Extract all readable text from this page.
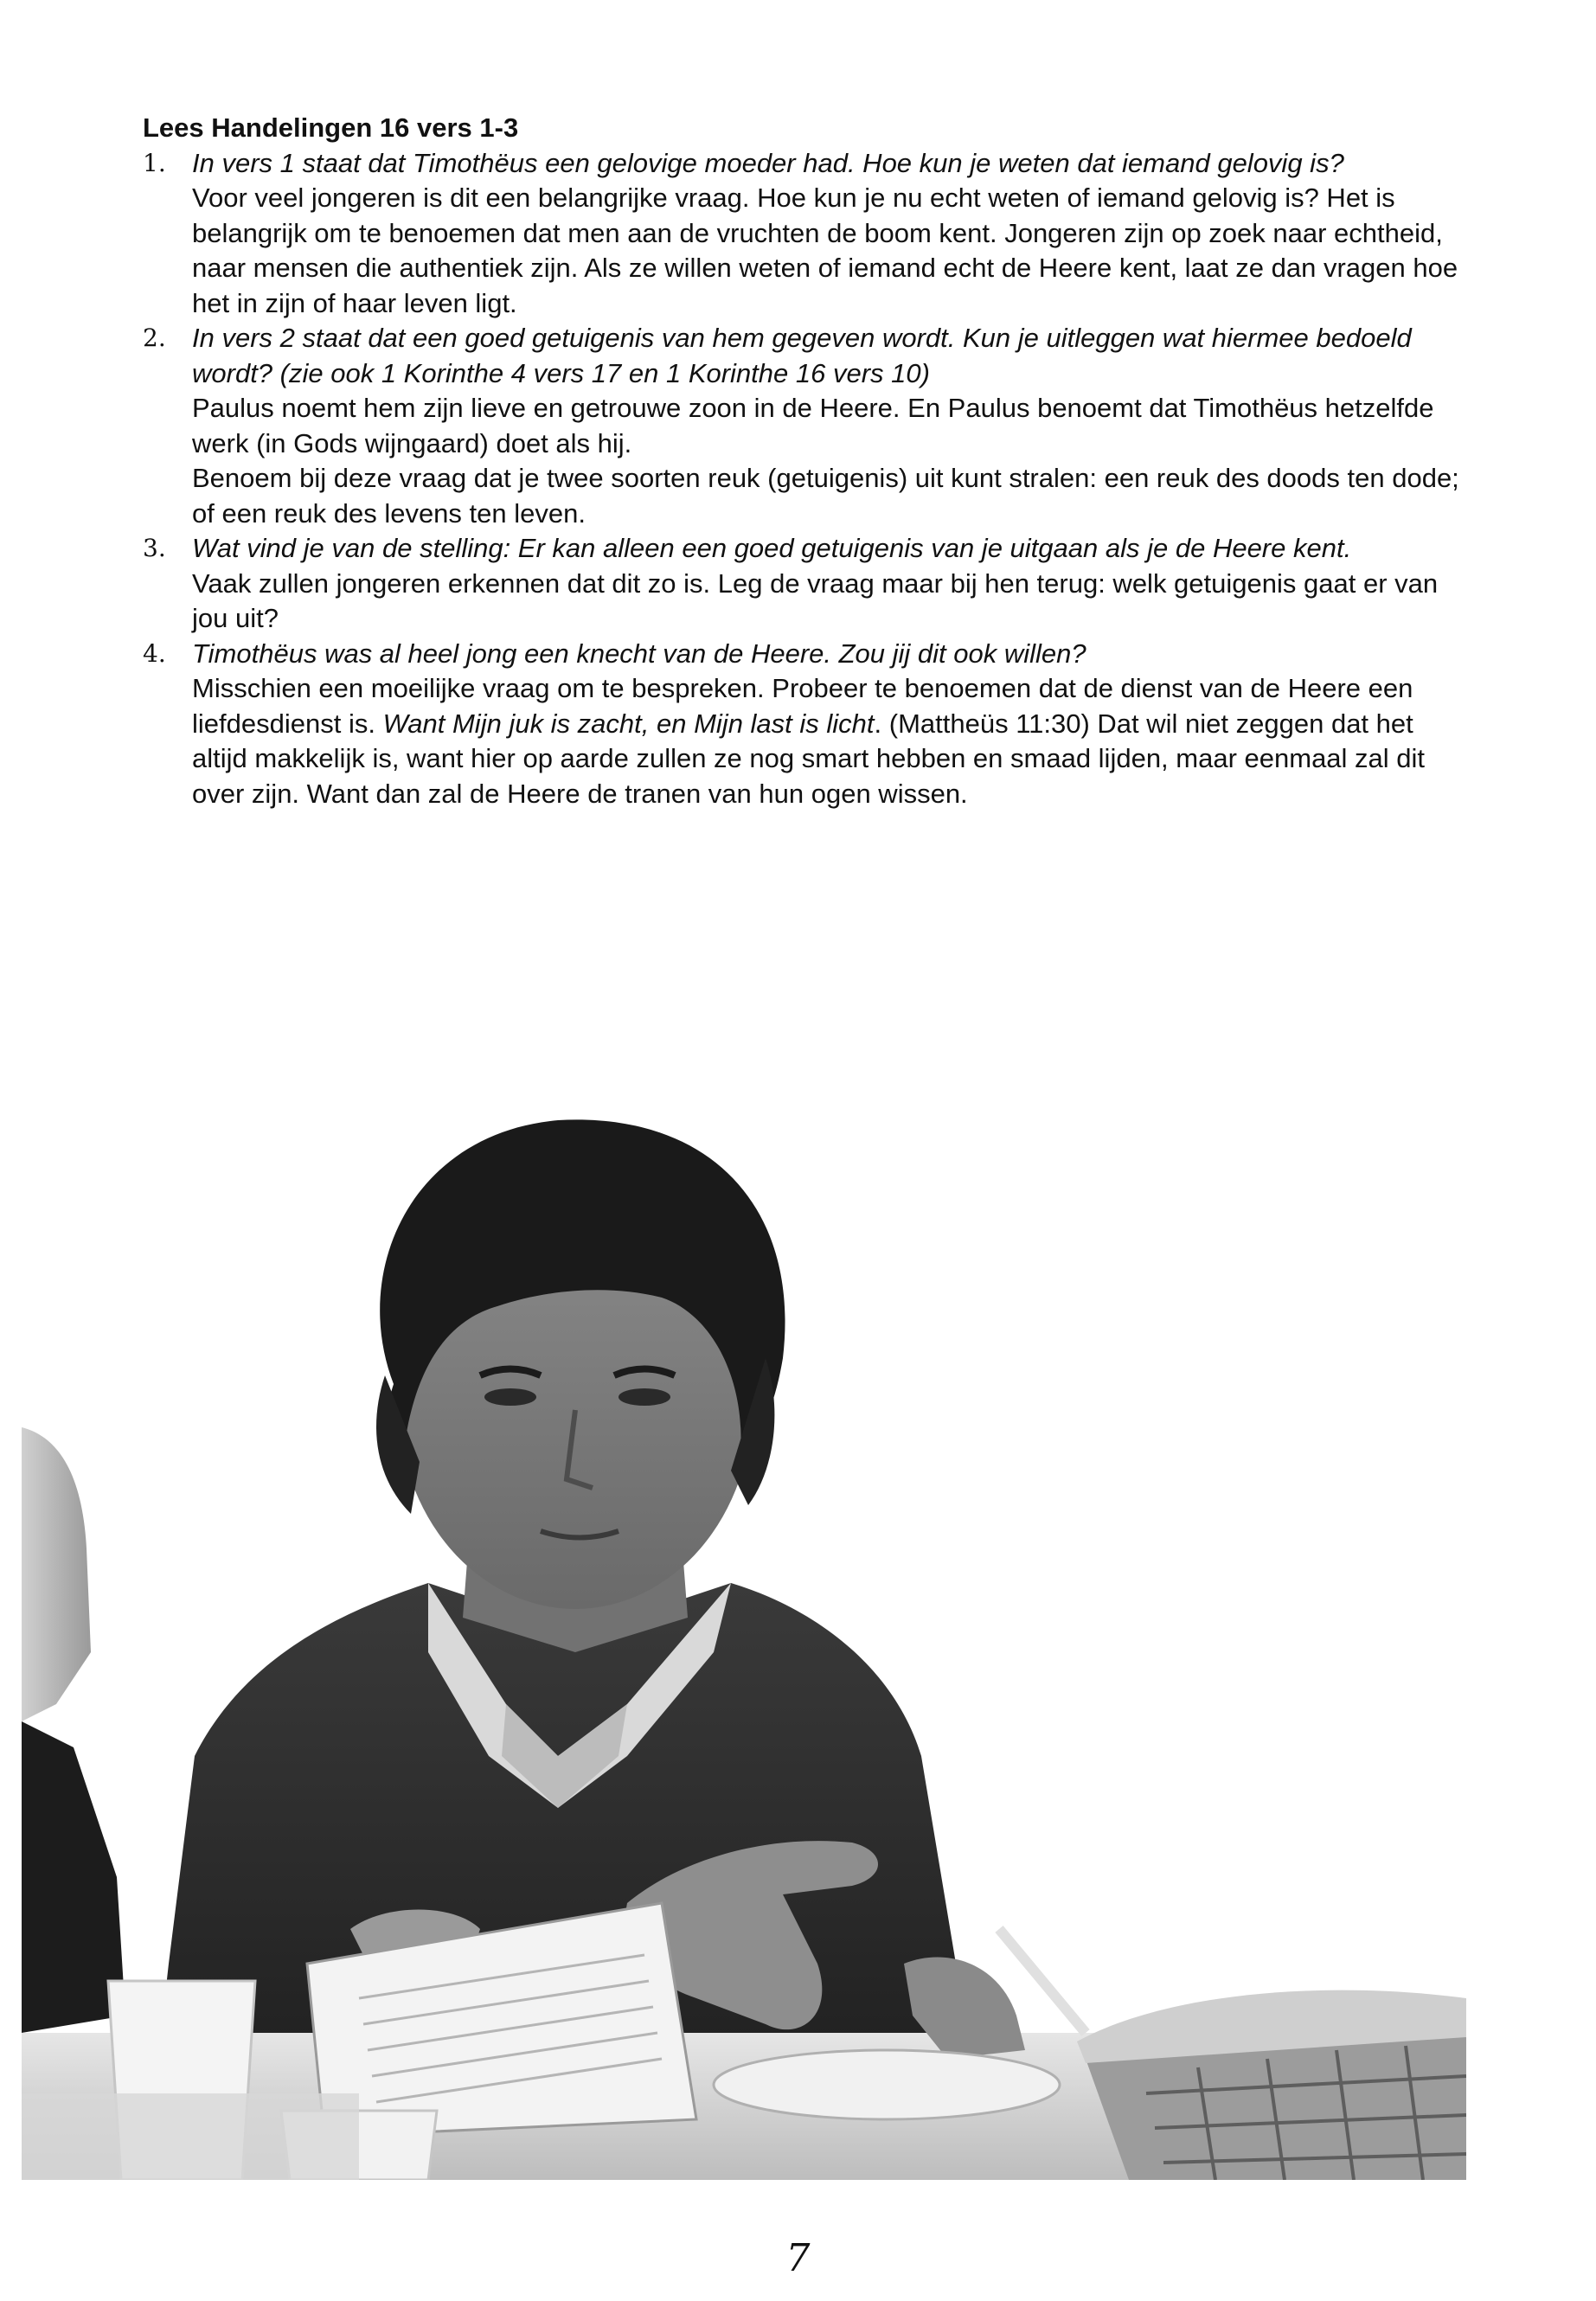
Lees Handelingen 16 vers 1-3
1. In vers 1 staat dat Timothëus een gelovige moeder had. Hoe kun je weten dat iemand gelovig is?
Voor veel jongeren is dit een belangrijke vraag. Hoe kun je nu echt weten of iemand gelovig is? Het is belangrijk om te benoemen dat men aan de vruchten de boom kent. Jongeren zijn op zoek naar echtheid, naar mensen die authentiek zijn. Als ze willen weten of iemand echt de Heere kent, laat ze dan vragen hoe het in zijn of haar leven ligt.
2. In vers 2 staat dat een goed getuigenis van hem gegeven wordt. Kun je uitleggen wat hiermee bedoeld wordt? (zie ook 1 Korinthe 4 vers 17 en 1 Korinthe 16 vers 10)
Paulus noemt hem zijn lieve en getrouwe zoon in de Heere. En Paulus benoemt dat Timothëus hetzelfde werk (in Gods wijngaard) doet als hij.
Benoem bij deze vraag dat je twee soorten reuk (getuigenis) uit kunt stralen: een reuk des doods ten dode; of een reuk des levens ten leven.
3. Wat vind je van de stelling: Er kan alleen een goed getuigenis van je uitgaan als je de Heere kent.
Vaak zullen jongeren erkennen dat dit zo is. Leg de vraag maar bij hen terug: welk getuigenis gaat er van jou uit?
4. Timothëus was al heel jong een knecht van de Heere. Zou jij dit ook willen?
Misschien een moeilijke vraag om te bespreken. Probeer te benoemen dat de dienst van de Heere een liefdesdienst is. Want Mijn juk is zacht, en Mijn last is licht. (Mattheüs 11:30) Dat wil niet zeggen dat het altijd makkelijk is, want hier op aarde zullen ze nog smart hebben en smaad lijden, maar eenmaal zal dit over zijn. Want dan zal de Heere de tranen van hun ogen wissen.
7
